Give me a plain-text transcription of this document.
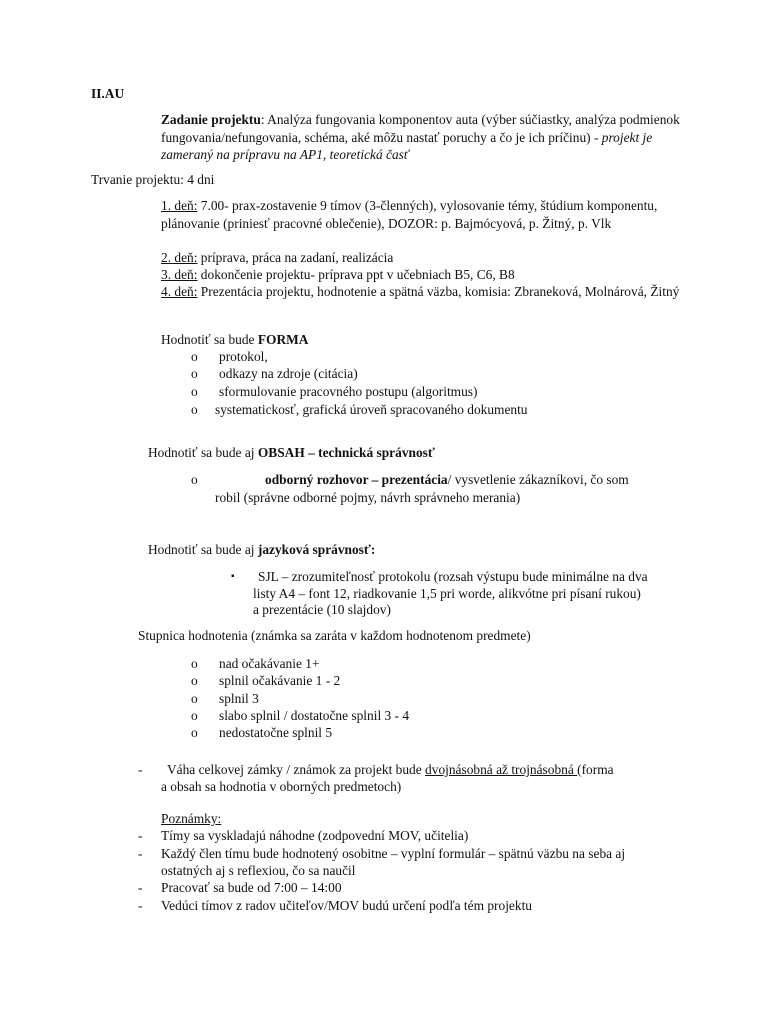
II.AU
Zadanie projektu: Analýza fungovania komponentov auta (výber súčiastky, analýza podmienok fungovania/nefungovania, schéma, aké môžu nastať poruchy a čo je ich príčinu) - projekt je zameraný na prípravu na AP1, teoretická časť
Trvanie projektu: 4 dni
1. deň: 7.00- prax-zostavenie 9 tímov (3-členných), vylosovanie témy, štúdium komponentu, plánovanie (priniesť pracovné oblečenie), DOZOR: p. Bajmócyová, p. Žitný, p. Vlk
2. deň: príprava, práca na zadaní, realizácia
3. deň: dokončenie projektu- príprava ppt v učebniach B5, C6, B8
4. deň: Prezentácia projektu, hodnotenie a spätná väzba, komisia: Zbraneková, Molnárová, Žitný
Hodnotiť sa bude FORMA
o protokol,
o odkazy na zdroje (citácia)
o sformulovanie pracovného postupu (algoritmus)
o systematickosť, grafická úroveň spracovaného dokumentu
Hodnotiť sa bude aj OBSAH – technická správnosť
o	odborný rozhovor – prezentácia/ vysvetlenie zákazníkovi, čo som
robil (správne odborné pojmy, návrh správneho merania)
Hodnotiť sa bude aj jazyková správnosť:
▪ SJL – zrozumiteľnosť protokolu (rozsah výstupu bude minimálne na dva
listy A4 – font 12, riadkovanie 1,5 pri worde, alikvótne pri písaní rukou)
a prezentácie (10 slajdov)
Stupnica hodnotenia (známka sa zaráta v každom hodnotenom predmete)
o nad očakávanie 1+
o splnil očakávanie 1 - 2
o splnil 3
o slabo splnil / dostatočne splnil 3 - 4
o nedostatočne splnil 5
- Váha celkovej zámky / známok za projekt bude dvojnásobná až trojnásobná (forma
a obsah sa hodnotia v oborných predmetoch)
Poznámky:
- Tímy sa vyskladajú náhodne (zodpovední MOV, učitelia)
- Každý člen tímu bude hodnotený osobitne – vyplní formulár – spätnú väzbu na seba aj
ostatných aj s reflexiou, čo sa naučil
- Pracovať sa bude od 7:00 – 14:00
- Vedúci tímov z radov učiteľov/MOV budú určení podľa tém projektu
